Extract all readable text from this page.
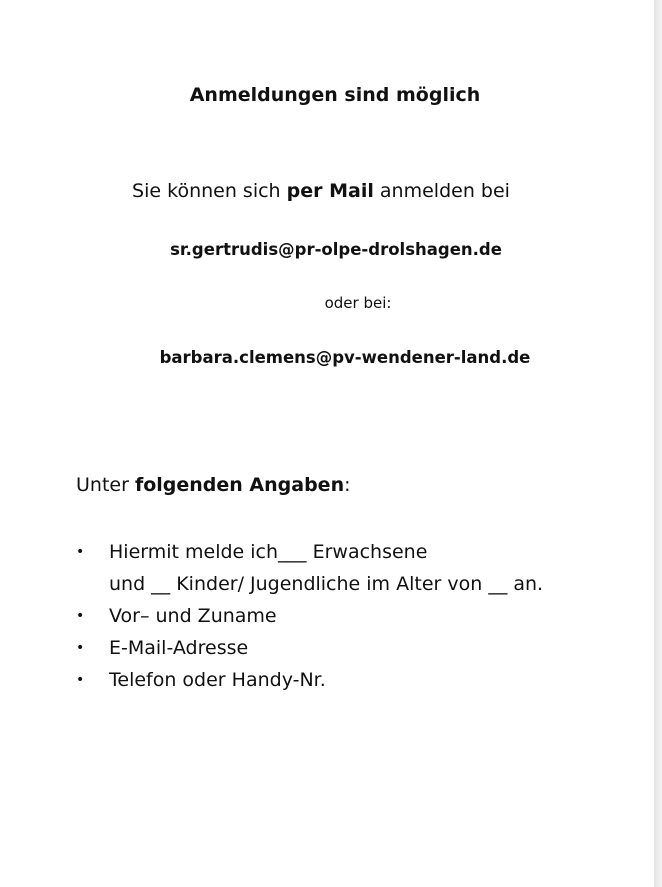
Anmeldungen sind möglich
Sie können sich per Mail anmelden bei
sr.gertrudis@pr-olpe-drolshagen.de
oder bei:
barbara.clemens@pv-wendener-land.de
Unter folgenden Angaben:
• Hiermit melde ich___ Erwachsene
und __ Kinder/ Jugendliche im Alter von __ an.
• Vor– und Zuname
• E-Mail-Adresse
• Telefon oder Handy-Nr.
